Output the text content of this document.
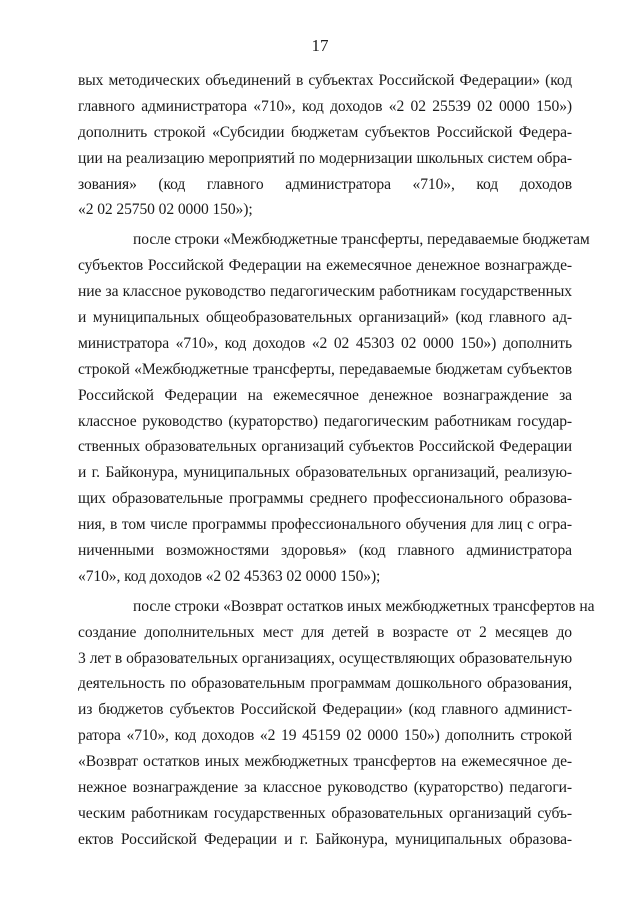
17
вых методических объединений в субъектах Российской Федерации» (код
главного администратора «710», код доходов «2 02 25539 02 0000 150»)
дополнить строкой «Субсидии бюджетам субъектов Российской Федера-
ции на реализацию мероприятий по модернизации школьных систем обра-
зования» (код главного администратора «710», код доходов
«2 02 25750 02 0000 150»);
после строки «Межбюджетные трансферты, передаваемые бюджетам
субъектов Российской Федерации на ежемесячное денежное вознагражде-
ние за классное руководство педагогическим работникам государственных
и муниципальных общеобразовательных организаций» (код главного ад-
министратора «710», код доходов «2 02 45303 02 0000 150») дополнить
строкой «Межбюджетные трансферты, передаваемые бюджетам субъектов
Российской Федерации на ежемесячное денежное вознаграждение за
классное руководство (кураторство) педагогическим работникам государ-
ственных образовательных организаций субъектов Российской Федерации
и г. Байконура, муниципальных образовательных организаций, реализую-
щих образовательные программы среднего профессионального образова-
ния, в том числе программы профессионального обучения для лиц с огра-
ниченными возможностями здоровья» (код главного администратора
«710», код доходов «2 02 45363 02 0000 150»);
после строки «Возврат остатков иных межбюджетных трансфертов на
создание дополнительных мест для детей в возрасте от 2 месяцев до
3 лет в образовательных организациях, осуществляющих образовательную
деятельность по образовательным программам дошкольного образования,
из бюджетов субъектов Российской Федерации» (код главного админист-
ратора «710», код доходов «2 19 45159 02 0000 150») дополнить строкой
«Возврат остатков иных межбюджетных трансфертов на ежемесячное де-
нежное вознаграждение за классное руководство (кураторство) педагоги-
ческим работникам государственных образовательных организаций субъ-
ектов Российской Федерации и г. Байконура, муниципальных образова-
